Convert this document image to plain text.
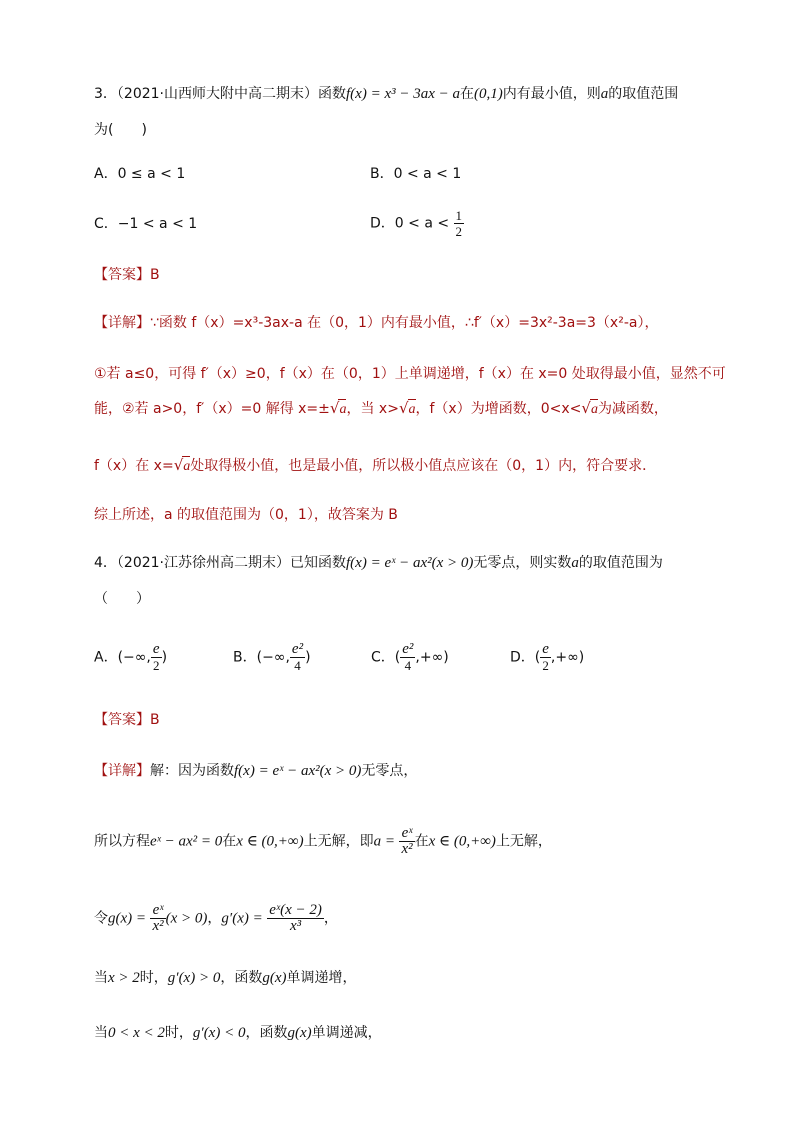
3．（2021·山西师大附中高二期末）函数f(x) = x³ − 3ax − a在(0,1)内有最小值，则a的取值范围
为(　　)
A．0 ≤ a < 1	B．0 < a < 1
C．−1 < a < 1	D．$0 < a < \frac{1}{2}$
【答案】B
【详解】∵函数 f（x）=x³-3ax-a 在（0，1）内有最小值，∴f′（x）=3x²-3a=3（x²-a），
①若 a≤0，可得 f′（x）≥0，f（x）在（0，1）上单调递增，f（x）在 x=0 处取得最小值，显然不可
能，②若 a>0，f′（x）=0 解得 x=±√a，当 x>√a，f（x）为增函数，0<x<√a为减函数，
f（x）在 x=√a处取得极小值，也是最小值，所以极小值点应该在（0，1）内，符合要求．
综上所述，a 的取值范围为（0，1），故答案为 B
4．（2021·江苏徐州高二期末）已知函数f(x) = eˣ − ax²(x > 0)无零点，则实数a的取值范围为
（　　）
A．(−∞, $\frac{e}{2}$ )	B．(−∞, $\frac{\text{e²}}{4}$ )	C．( $\frac{\text{e²}}{4}$ ,+∞)	D．( $\frac{e}{2}$ ,+∞)
【答案】B
【详解】解：因为函数f(x) = eˣ − ax²(x > 0)无零点，
所以方程eˣ − ax² = 0在x ∈ (0,+∞)上无解，即$a = \frac{\text{eˣ}}{\text{x²}}$ 在x ∈ (0,+∞)上无解，
令$g(x) = \frac{\text{eˣ}}{\text{x²}} (x > 0)$，$g'(x) = \frac{\text{eˣ(x − 2)}}{\text{x³}}$ ，
当x > 2时，g′(x) > 0，函数g(x)单调递增，
当0 < x < 2时，g′(x) < 0，函数g(x)单调递减，
